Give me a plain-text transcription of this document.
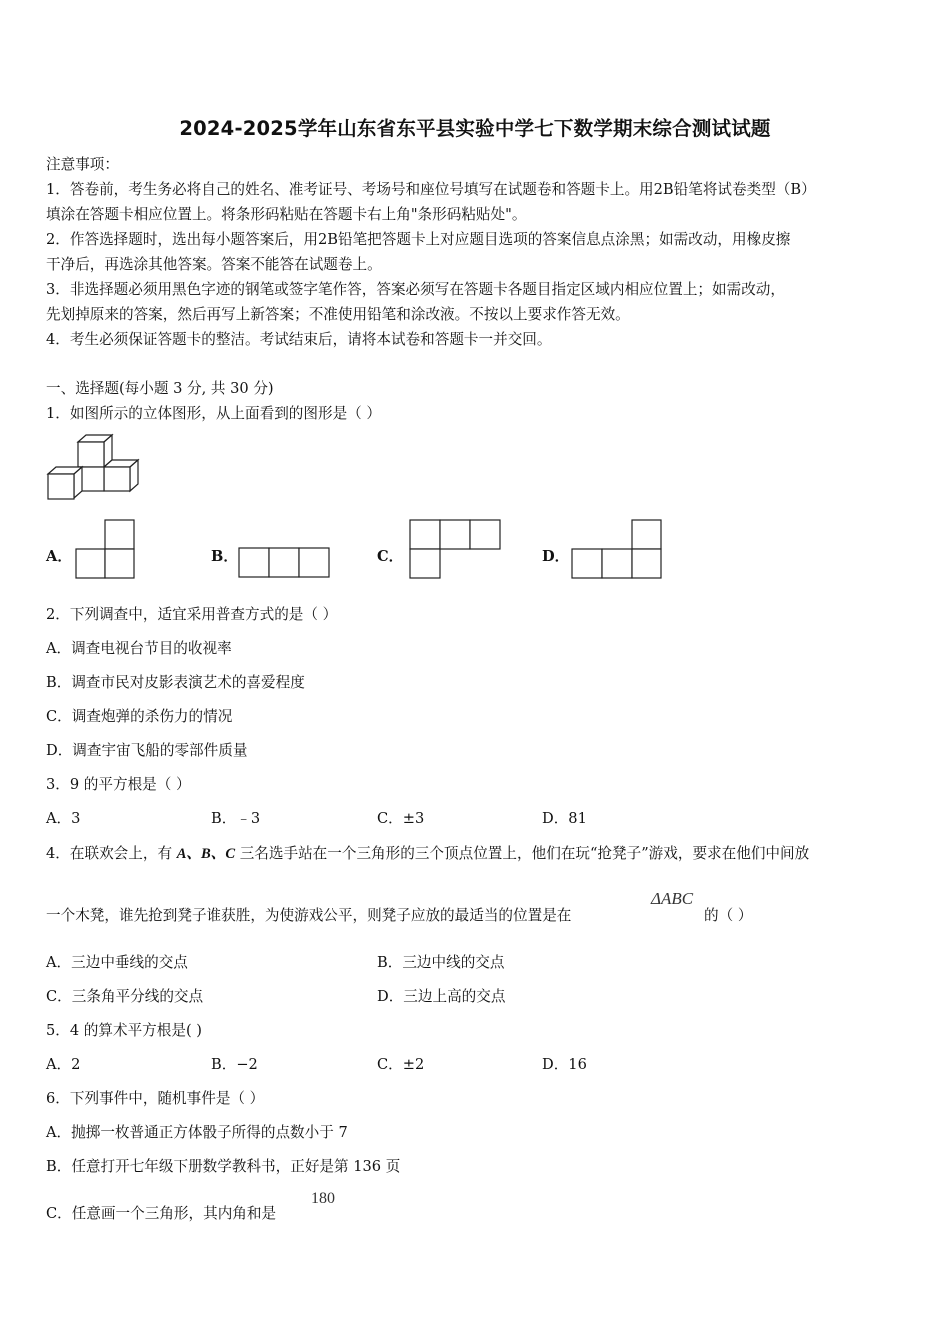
2024-2025学年山东省东平县实验中学七下数学期末综合测试试题
注意事项：
1．答卷前，考生务必将自己的姓名、准考证号、考场号和座位号填写在试题卷和答题卡上。用2B铅笔将试卷类型（B）
填涂在答题卡相应位置上。将条形码粘贴在答题卡右上角"条形码粘贴处"。
2．作答选择题时，选出每小题答案后，用2B铅笔把答题卡上对应题目选项的答案信息点涂黑；如需改动，用橡皮擦
干净后，再选涂其他答案。答案不能答在试题卷上。
3．非选择题必须用黑色字迹的钢笔或签字笔作答，答案必须写在答题卡各题目指定区域内相应位置上；如需改动，
先划掉原来的答案，然后再写上新答案；不准使用铅笔和涂改液。不按以上要求作答无效。
4．考生必须保证答题卡的整洁。考试结束后，请将本试卷和答题卡一并交回。
一、选择题(每小题 3 分, 共 30 分)
1．如图所示的立体图形，从上面看到的图形是（ ）
A．	B．	C．	D．
2．下列调查中，适宜采用普查方式的是（ ）
A．调查电视台节目的收视率
B．调查市民对皮影表演艺术的喜爱程度
C．调查炮弹的杀伤力的情况
D．调查宇宙飞船的零部件质量
3．9 的平方根是（ ）
A．3	B．﹣3	C．±3	D．81
4．在联欢会上，有 A、B、C 三名选手站在一个三角形的三个顶点位置上，他们在玩“抢凳子”游戏，要求在他们中间放
一个木凳，谁先抢到凳子谁获胜，为使游戏公平，则凳子应放的最适当的位置是在
ΔABC
的（ ）
A．三边中垂线的交点	B．三边中线的交点
C．三条角平分线的交点	D．三边上高的交点
5．4 的算术平方根是( )
A．2	B．−2	C．±2	D．16
6．下列事件中，随机事件是（ ）
A．抛掷一枚普通正方体骰子所得的点数小于 7
B．任意打开七年级下册数学教科书，正好是第 136 页
C．任意画一个三角形，其内角和是
180
